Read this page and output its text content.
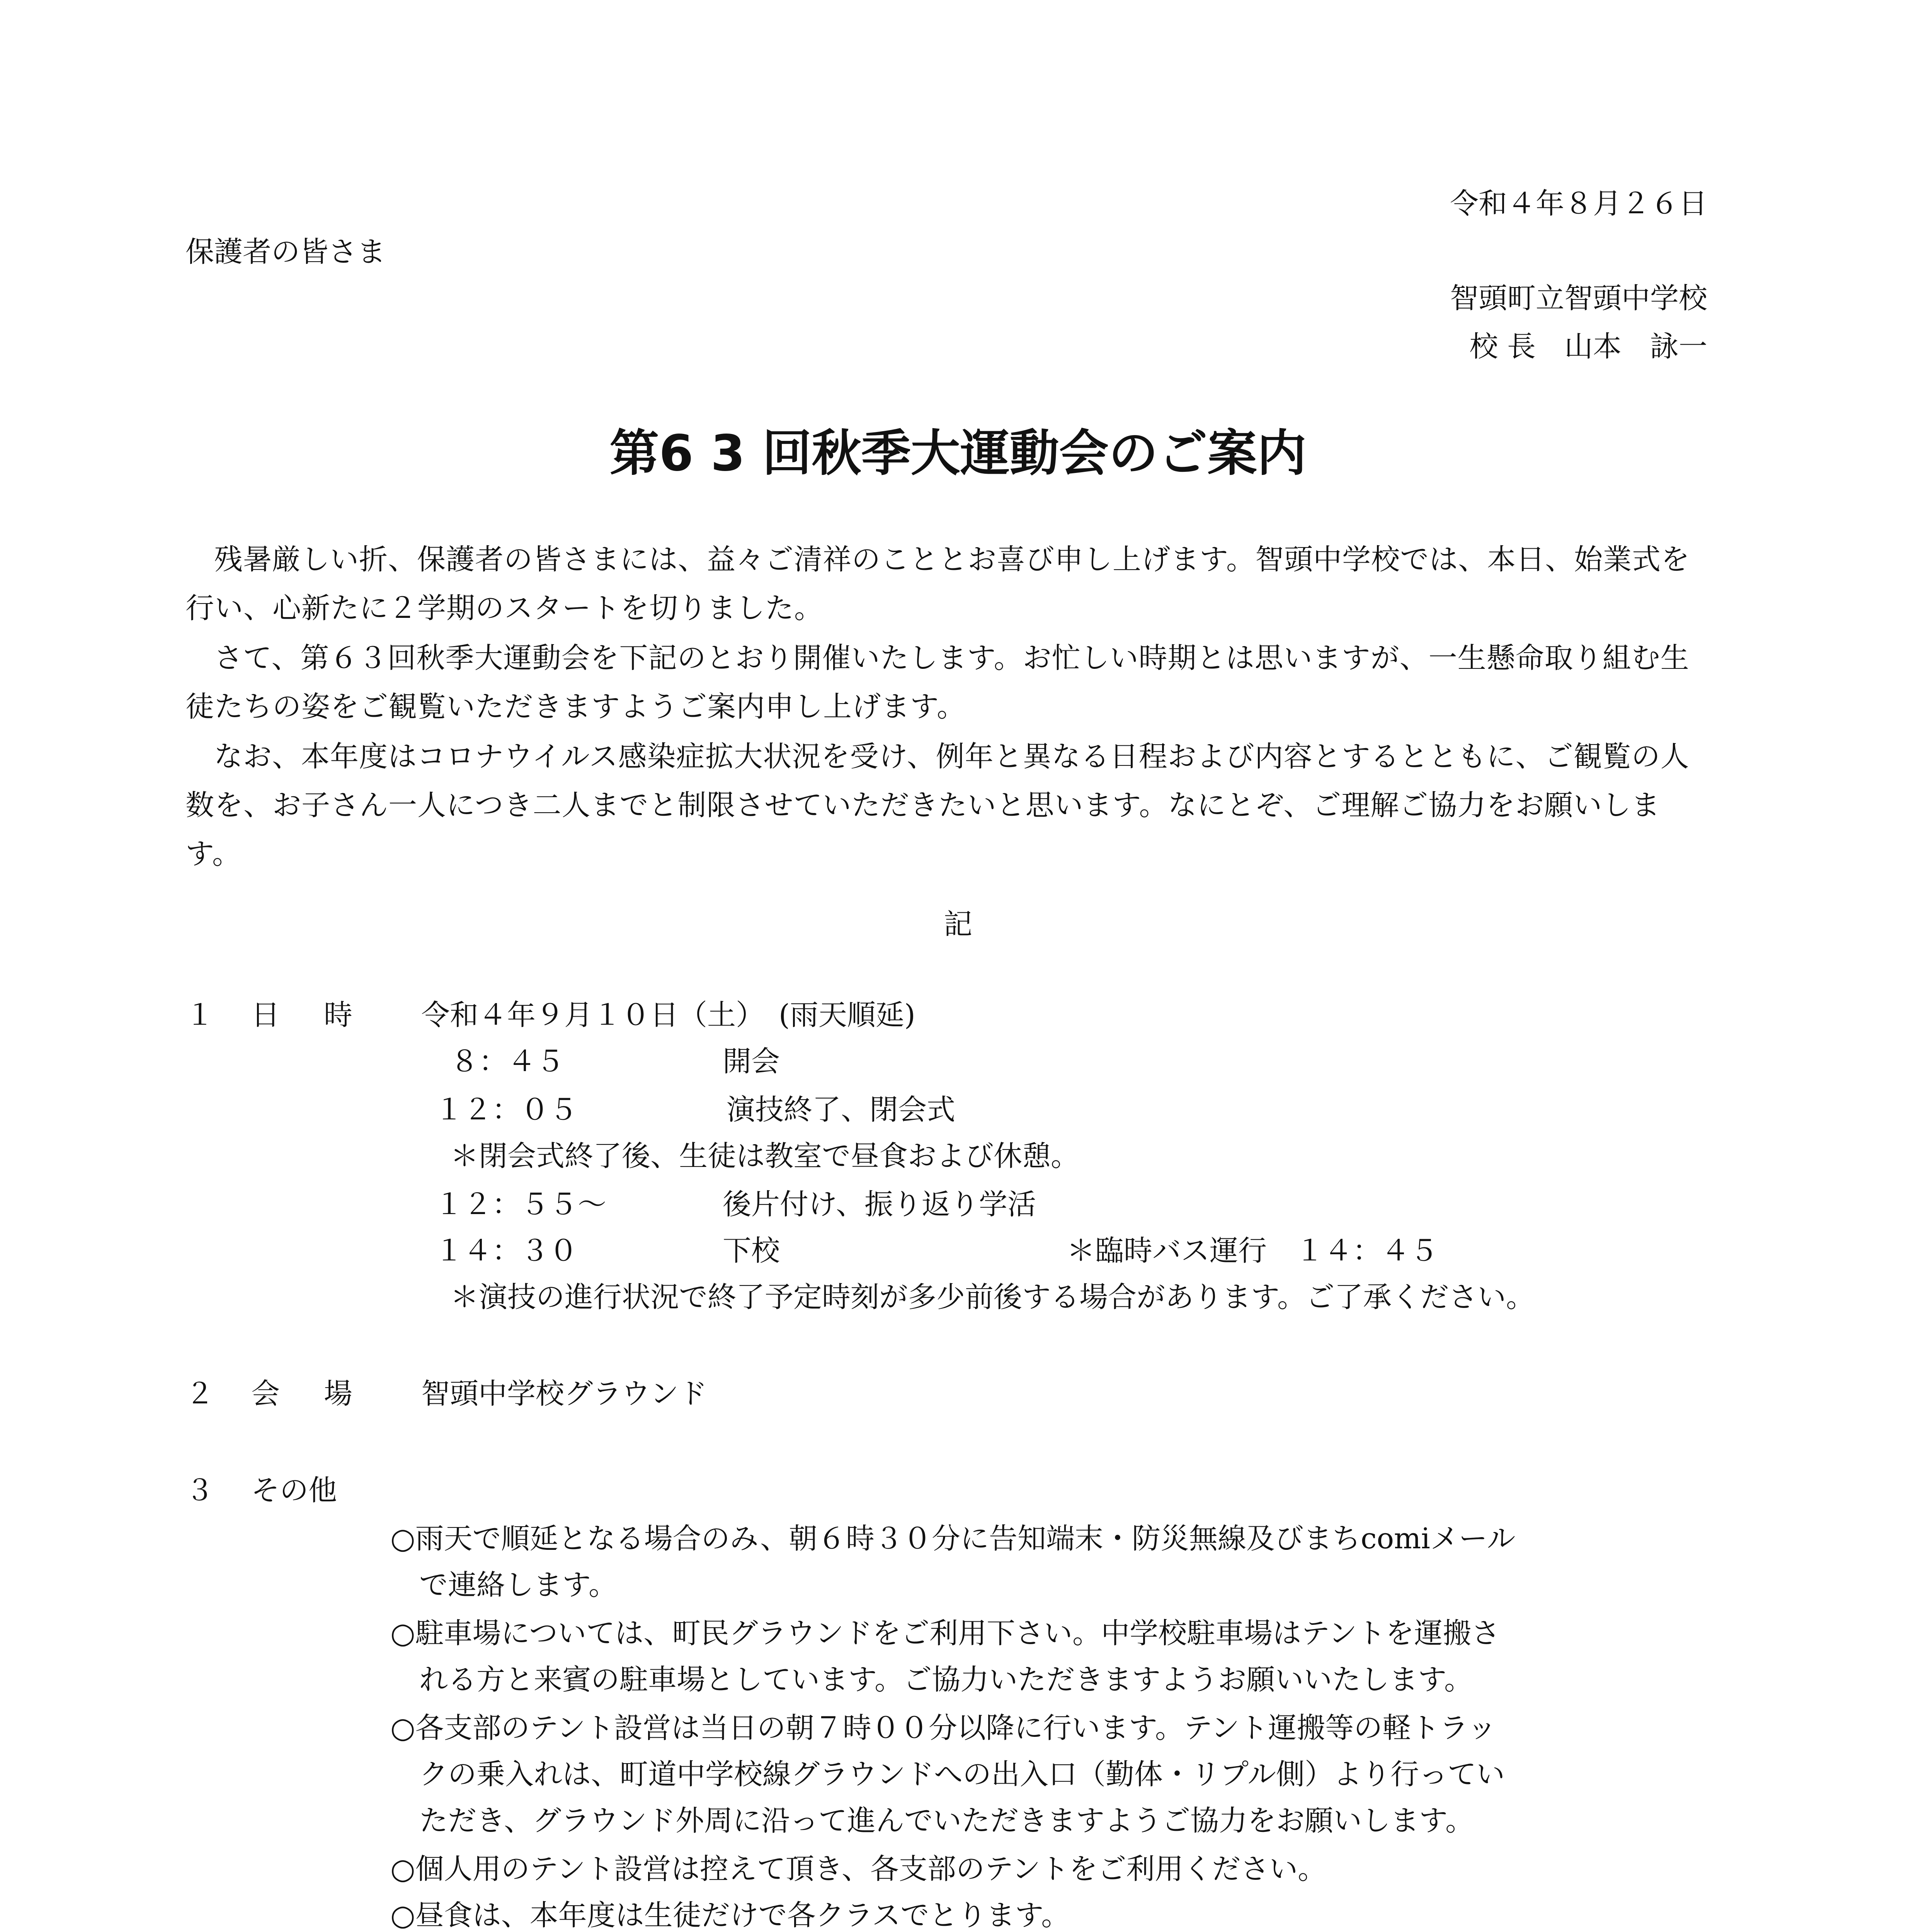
令和４年８月２６日
保護者の皆さま
智頭町立智頭中学校
校 長　山本　詠一
第6 3 回秋季大運動会のご案内
残暑厳しい折、保護者の皆さまには、益々ご清祥のこととお喜び申し上げます。智頭中学校では、本日、始業式を行い、心新たに２学期のスタートを切りました。
さて、第６３回秋季大運動会を下記のとおり開催いたします。お忙しい時期とは思いますが、一生懸命取り組む生徒たちの姿をご観覧いただきますようご案内申し上げます。
なお、本年度はコロナウイルス感染症拡大状況を受け、例年と異なる日程および内容とするとともに、ご観覧の人数を、お子さん一人につき二人までと制限させていただきたいと思います。なにとぞ、ご理解ご協力をお願いします。
記
１ 日　時 令和４年９月１０日（土）　(雨天順延)
８：４５	開会
１２：０５	演技終了、閉会式
＊閉会式終了後、生徒は教室で昼食および休憩。
１２：５５～	後片付け、振り返り学活
１４：３０	下校	＊臨時バス運行　１４：４５
＊演技の進行状況で終了予定時刻が多少前後する場合があります。ご了承ください。
２ 会　場 智頭中学校グラウンド
３ その他
○雨天で順延となる場合のみ、朝６時３０分に告知端末・防災無線及びまちcomiメール
で連絡します。
○駐車場については、町民グラウンドをご利用下さい。中学校駐車場はテントを運搬さ
れる方と来賓の駐車場としています。ご協力いただきますようお願いいたします。
○各支部のテント設営は当日の朝７時００分以降に行います。テント運搬等の軽トラッ
クの乗入れは、町道中学校線グラウンドへの出入口（勤体・リプル側）より行ってい
ただき、グラウンド外周に沿って進んでいただきますようご協力をお願いします。
○個人用のテント設営は控えて頂き、各支部のテントをご利用ください。
○昼食は、本年度は生徒だけで各クラスでとります。
